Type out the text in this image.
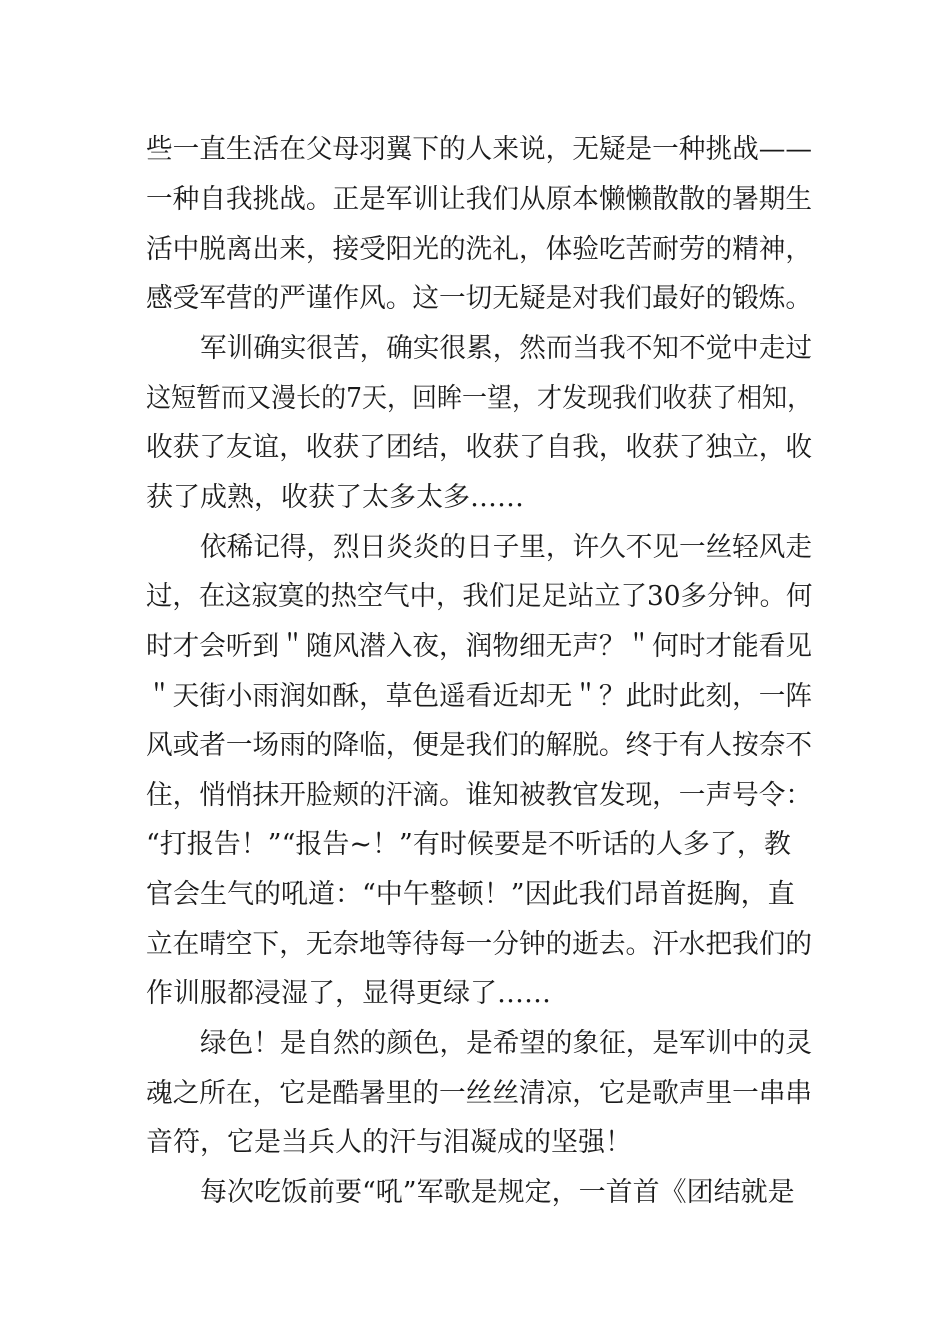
些一直生活在父母羽翼下的人来说，无疑是一种挑战——
一种自我挑战。正是军训让我们从原本懒懒散散的暑期生
活中脱离出来，接受阳光的洗礼，体验吃苦耐劳的精神，
感受军营的严谨作风。这一切无疑是对我们最好的锻炼。
军训确实很苦，确实很累，然而当我不知不觉中走过
这短暂而又漫长的7天，回眸一望，才发现我们收获了相知，
收获了友谊，收获了团结，收获了自我，收获了独立，收
获了成熟，收获了太多太多……
依稀记得，烈日炎炎的日子里，许久不见一丝轻风走
过，在这寂寞的热空气中，我们足足站立了30多分钟。何
时才会听到＂随风潜入夜，润物细无声？＂何时才能看见
＂天街小雨润如酥，草色遥看近却无＂？此时此刻，一阵
风或者一场雨的降临，便是我们的解脱。终于有人按奈不
住，悄悄抹开脸颊的汗滴。谁知被教官发现，一声号令：
“打报告！”“报告~！”有时候要是不听话的人多了，教
官会生气的吼道：“中午整顿！”因此我们昂首挺胸，直
立在晴空下，无奈地等待每一分钟的逝去。汗水把我们的
作训服都浸湿了，显得更绿了……
绿色！是自然的颜色，是希望的象征，是军训中的灵
魂之所在，它是酷暑里的一丝丝清凉，它是歌声里一串串
音符，它是当兵人的汗与泪凝成的坚强！
每次吃饭前要“吼”军歌是规定，一首首《团结就是
